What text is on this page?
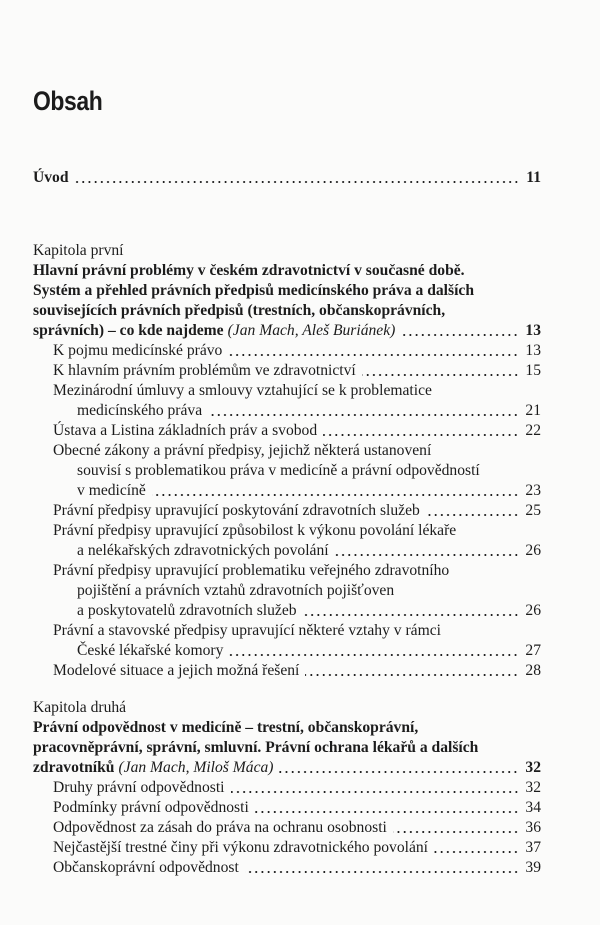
Obsah
Úvod	11
Kapitola první
Hlavní právní problémy v českém zdravotnictví v současné době.
Systém a přehled právních předpisů medicínského práva a dalších
souvisejících právních předpisů (trestních, občanskoprávních,
správních) – co kde najdeme (Jan Mach, Aleš Buriánek)	13
K pojmu medicínské právo	13
K hlavním právním problémům ve zdravotnictví	15
Mezinárodní úmluvy a smlouvy vztahující se k problematice
medicínského práva	21
Ústava a Listina základních práv a svobod	22
Obecné zákony a právní předpisy, jejichž některá ustanovení
souvisí s problematikou práva v medicíně a právní odpovědností
v medicíně	23
Právní předpisy upravující poskytování zdravotních služeb	25
Právní předpisy upravující způsobilost k výkonu povolání lékaře
a nelékařských zdravotnických povolání	26
Právní předpisy upravující problematiku veřejného zdravotního
pojištění a právních vztahů zdravotních pojišťoven
a poskytovatelů zdravotních služeb	26
Právní a stavovské předpisy upravující některé vztahy v rámci
České lékařské komory	27
Modelové situace a jejich možná řešení	28
Kapitola druhá
Právní odpovědnost v medicíně – trestní, občanskoprávní,
pracovněprávní, správní, smluvní. Právní ochrana lékařů a dalších
zdravotníků (Jan Mach, Miloš Máca)	32
Druhy právní odpovědnosti	32
Podmínky právní odpovědnosti	34
Odpovědnost za zásah do práva na ochranu osobnosti	36
Nejčastější trestné činy při výkonu zdravotnického povolání	37
Občanskoprávní odpovědnost	39
